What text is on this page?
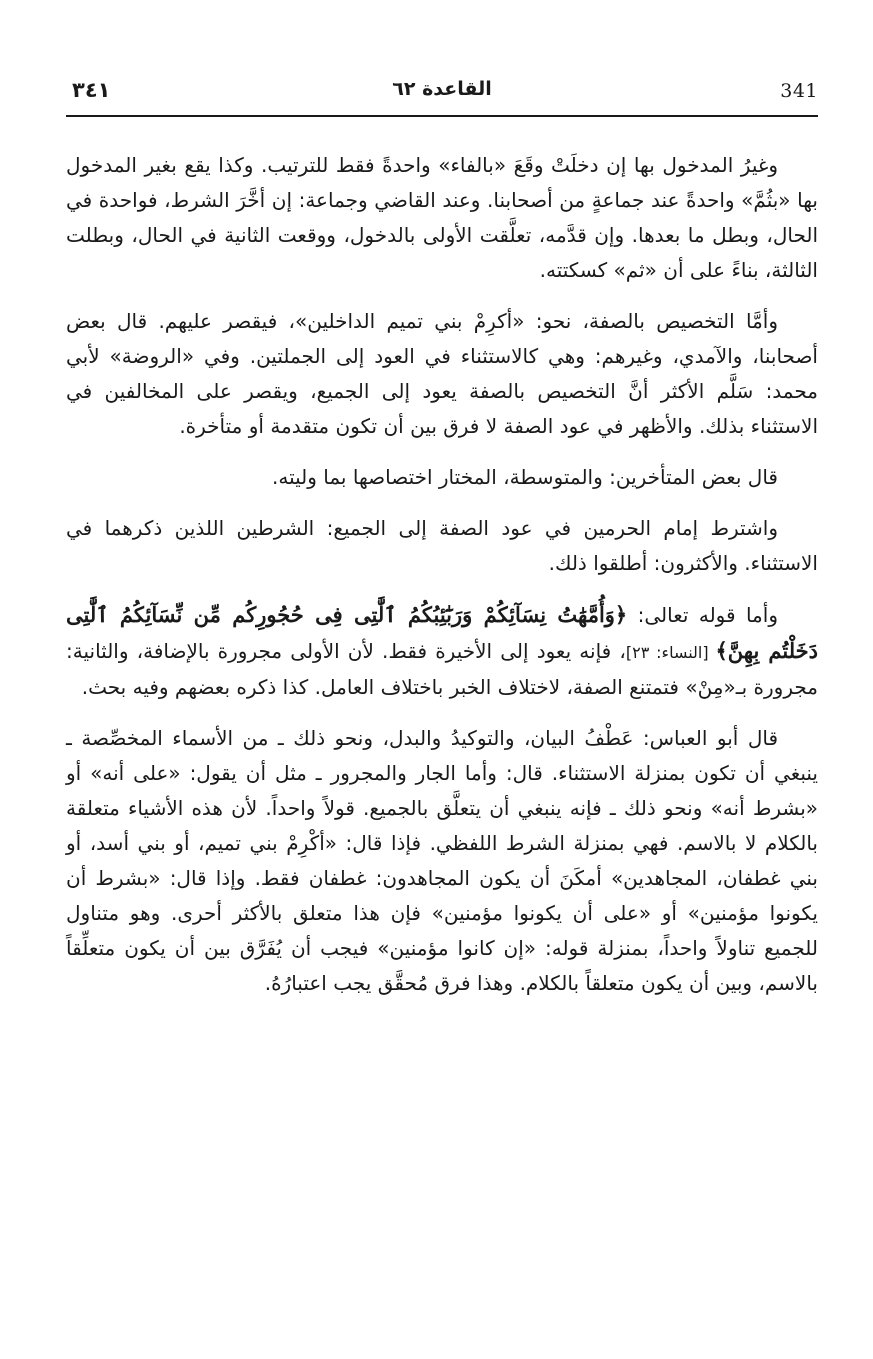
341
القاعدة ٦٢
٣٤١

وغيرُ المدخول بها إن دخلَتْ وقَعَ «بالفاء» واحدةً فقط للترتيب. وكذا يقع بغير المدخول بها «بثُمَّ» واحدةً عند جماعةٍ من أصحابنا. وعند القاضي وجماعة: إن أخَّرَ الشرط، فواحدة في الحال، وبطل ما بعدها. وإن قدَّمه، تعلَّقت الأولى بالدخول، ووقعت الثانية في الحال، وبطلت الثالثة، بناءً على أن «ثم» كسكتته.

وأمَّا التخصيص بالصفة، نحو: «أكرِمْ بني تميم الداخلين»، فيقصر عليهم. قال بعض أصحابنا، والآمدي، وغيرهم: وهي كالاستثناء في العود إلى الجملتين. وفي «الروضة» لأبي محمد: سَلَّم الأكثر أنَّ التخصيص بالصفة يعود إلى الجميع، ويقصر على المخالفين في الاستثناء بذلك. والأظهر في عود الصفة لا فرق بين أن تكون متقدمة أو متأخرة.

قال بعض المتأخرين: والمتوسطة، المختار اختصاصها بما وليته.

واشترط إمام الحرمين في عود الصفة إلى الجميع: الشرطين اللذين ذكرهما في الاستثناء. والأكثرون: أطلقوا ذلك.

وأما قوله تعالى: ﴿وَأُمَّهَٰتُ نِسَآئِكُمْ وَرَبَٰٓئِبُكُمُ ٱلَّٰتِى فِى حُجُورِكُم مِّن نِّسَآئِكُمُ ٱلَّٰتِى دَخَلْتُم بِهِنَّ﴾ [النساء: ٢٣]، فإنه يعود إلى الأخيرة فقط. لأن الأولى مجرورة بالإضافة، والثانية: مجرورة بـ«مِنْ» فتمتنع الصفة، لاختلاف الخبر باختلاف العامل. كذا ذكره بعضهم وفيه بحث.

قال أبو العباس: عَطْفُ البيان، والتوكيدُ والبدل، ونحو ذلك ـ من الأسماء المخصِّصة ـ ينبغي أن تكون بمنزلة الاستثناء. قال: وأما الجار والمجرور ـ مثل أن يقول: «على أنه» أو «بشرط أنه» ونحو ذلك ـ فإنه ينبغي أن يتعلَّق بالجميع. قولاً واحداً. لأن هذه الأشياء متعلقة بالكلام لا بالاسم. فهي بمنزلة الشرط اللفظي. فإذا قال: «أكْرِمْ بني تميم، أو بني أسد، أو بني غطفان، المجاهدين» أمكَنَ أن يكون المجاهدون: غطفان فقط. وإذا قال: «بشرط أن يكونوا مؤمنين» أو «على أن يكونوا مؤمنين» فإن هذا متعلق بالأكثر أحرى. وهو متناول للجميع تناولاً واحداً، بمنزلة قوله: «إن كانوا مؤمنين» فيجب أن يُفَرَّق بين أن يكون متعلِّقاً بالاسم، وبين أن يكون متعلقاً بالكلام. وهذا فرق مُحقَّق يجب اعتبارُهُ.
